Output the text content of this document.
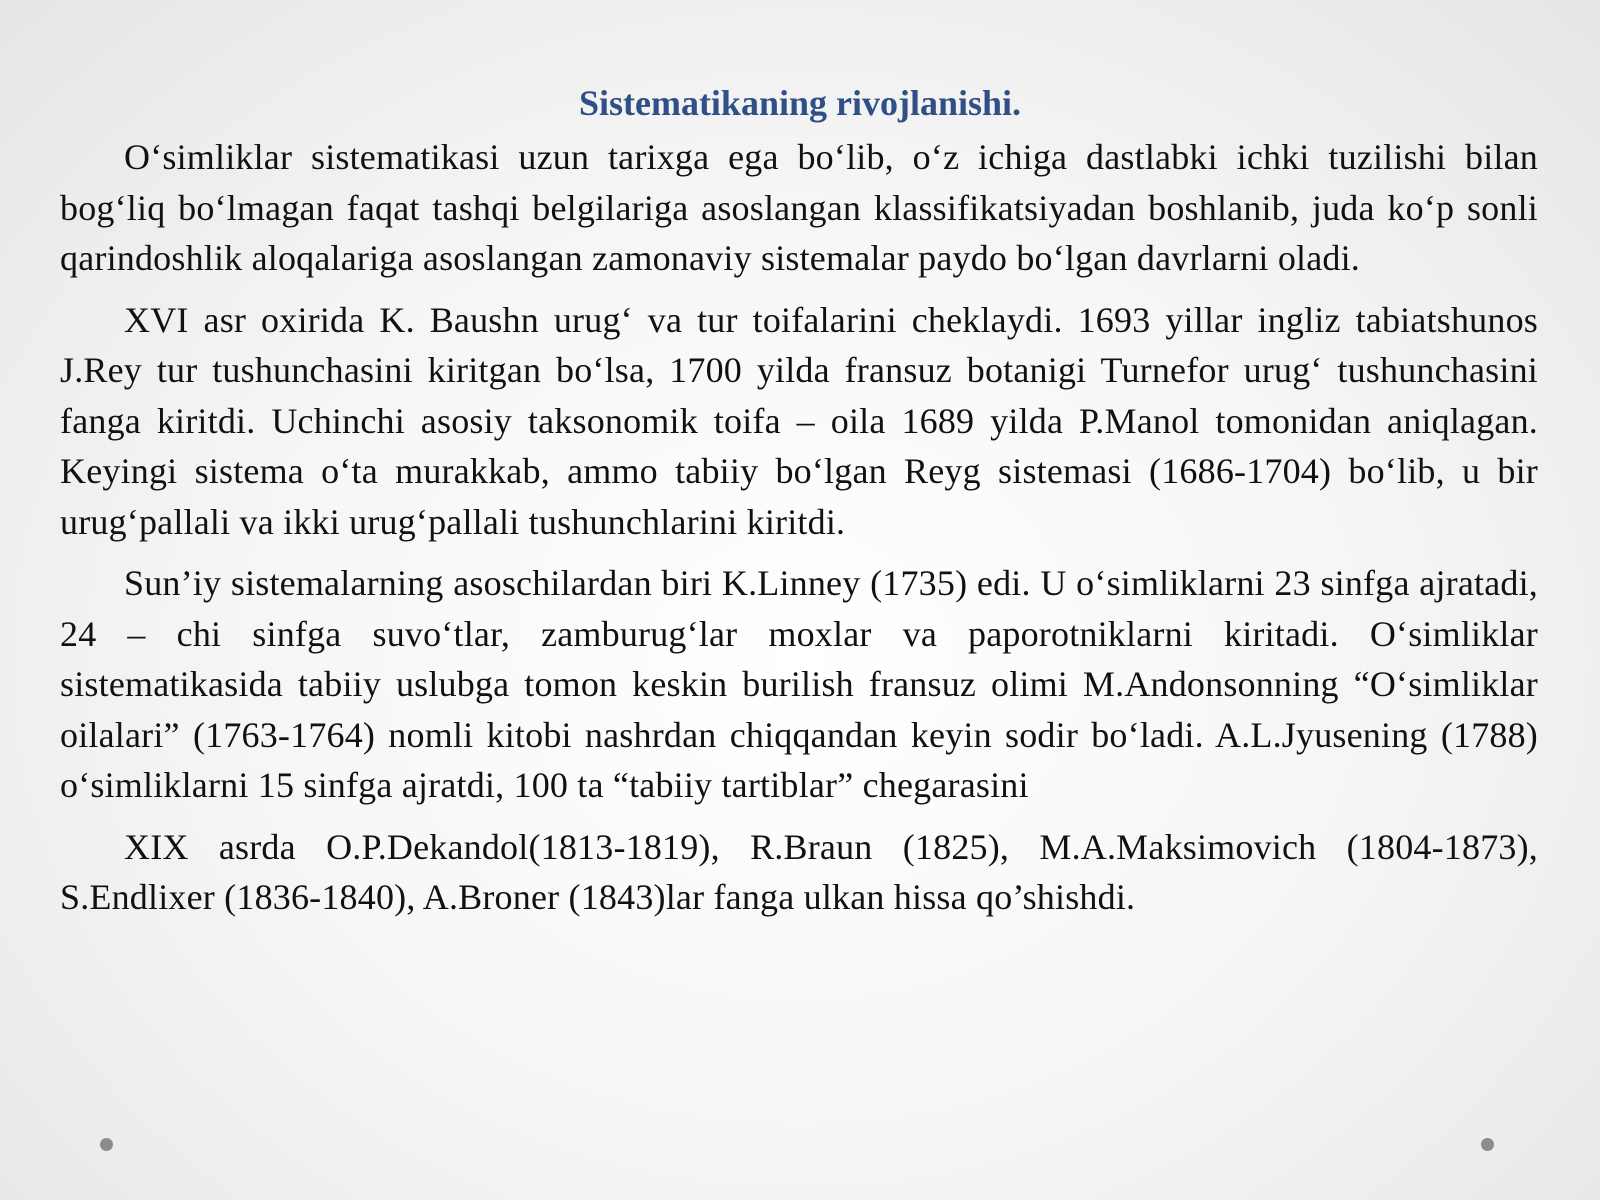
Sistematikaning rivojlanishi.

O‘simliklar sistematikasi uzun tarixga ega bo‘lib, o‘z ichiga dastlabki ichki tuzilishi bilan bog‘liq bo‘lmagan faqat tashqi belgilariga asoslangan klassifikatsiyadan boshlanib, juda ko‘p sonli qarindoshlik aloqalariga asoslangan zamonaviy sistemalar paydo bo‘lgan davrlarni oladi.

XVI asr oxirida K. Baushn urug‘ va tur toifalarini cheklaydi. 1693 yillar ingliz tabiatshunos J.Rey tur tushunchasini kiritgan bo‘lsa, 1700 yilda fransuz botanigi Turnefor urug‘ tushunchasini fanga kiritdi. Uchinchi asosiy taksonomik toifa – oila 1689 yilda P.Manol tomonidan aniqlagan. Keyingi sistema o‘ta murakkab, ammo tabiiy bo‘lgan Reyg sistemasi (1686-1704) bo‘lib, u bir urug‘pallali va ikki urug‘pallali tushunchlarini kiritdi.

Sun’iy sistemalarning asoschilardan biri K.Linney (1735) edi. U o‘simliklarni 23 sinfga ajratadi, 24 – chi sinfga suvo‘tlar, zamburug‘lar moxlar va paporotniklarni kiritadi. O‘simliklar sistematikasida tabiiy uslubga tomon keskin burilish fransuz olimi M.Andonsonning “O‘simliklar oilalari” (1763-1764) nomli kitobi nashrdan chiqqandan keyin sodir bo‘ladi. A.L.Jyusening (1788) o‘simliklarni 15 sinfga ajratdi, 100 ta “tabiiy tartiblar” chegarasini

XIX asrda O.P.Dekandol(1813-1819), R.Braun (1825), M.A.Maksimovich (1804-1873), S.Endlixer (1836-1840), A.Broner (1843)lar fanga ulkan hissa qo’shishdi.
